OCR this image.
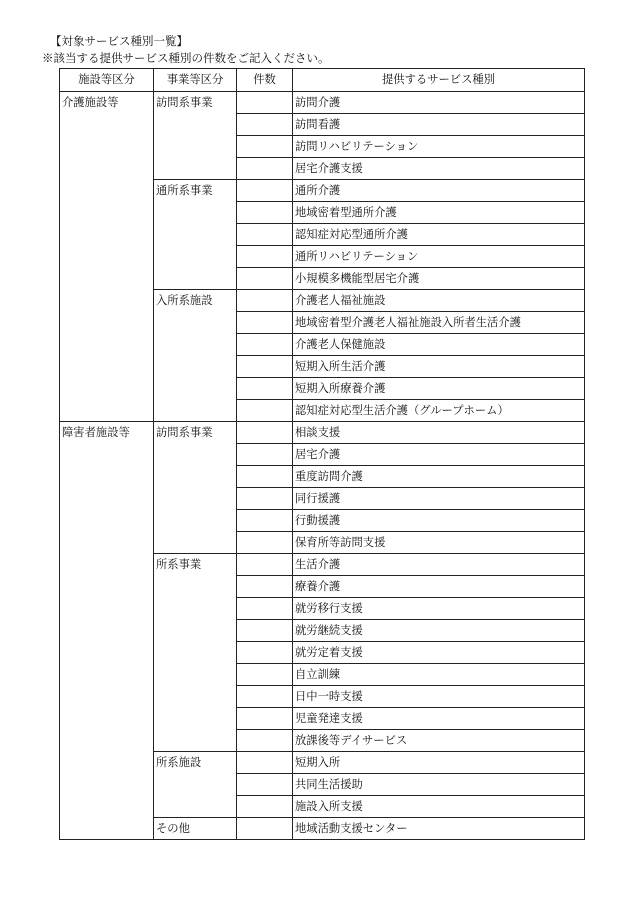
【対象サービス種別一覧】
※該当する提供サービス種別の件数をご記入ください。
施設等区分	事業等区分	件数	提供するサービス種別
介護施設等	訪問系事業		訪問介護
			訪問看護
			訪問リハビリテーション
			居宅介護支援
	通所系事業		通所介護
			地域密着型通所介護
			認知症対応型通所介護
			通所リハビリテーション
			小規模多機能型居宅介護
	入所系施設		介護老人福祉施設
			地域密着型介護老人福祉施設入所者生活介護
			介護老人保健施設
			短期入所生活介護
			短期入所療養介護
			認知症対応型生活介護（グループホーム）
障害者施設等	訪問系事業		相談支援
			居宅介護
			重度訪問介護
			同行援護
			行動援護
			保育所等訪問支援
	所系事業		生活介護
			療養介護
			就労移行支援
			就労継続支援
			就労定着支援
			自立訓練
			日中一時支援
			児童発達支援
			放課後等デイサービス
	所系施設		短期入所
			共同生活援助
			施設入所支援
	その他		地域活動支援センター
